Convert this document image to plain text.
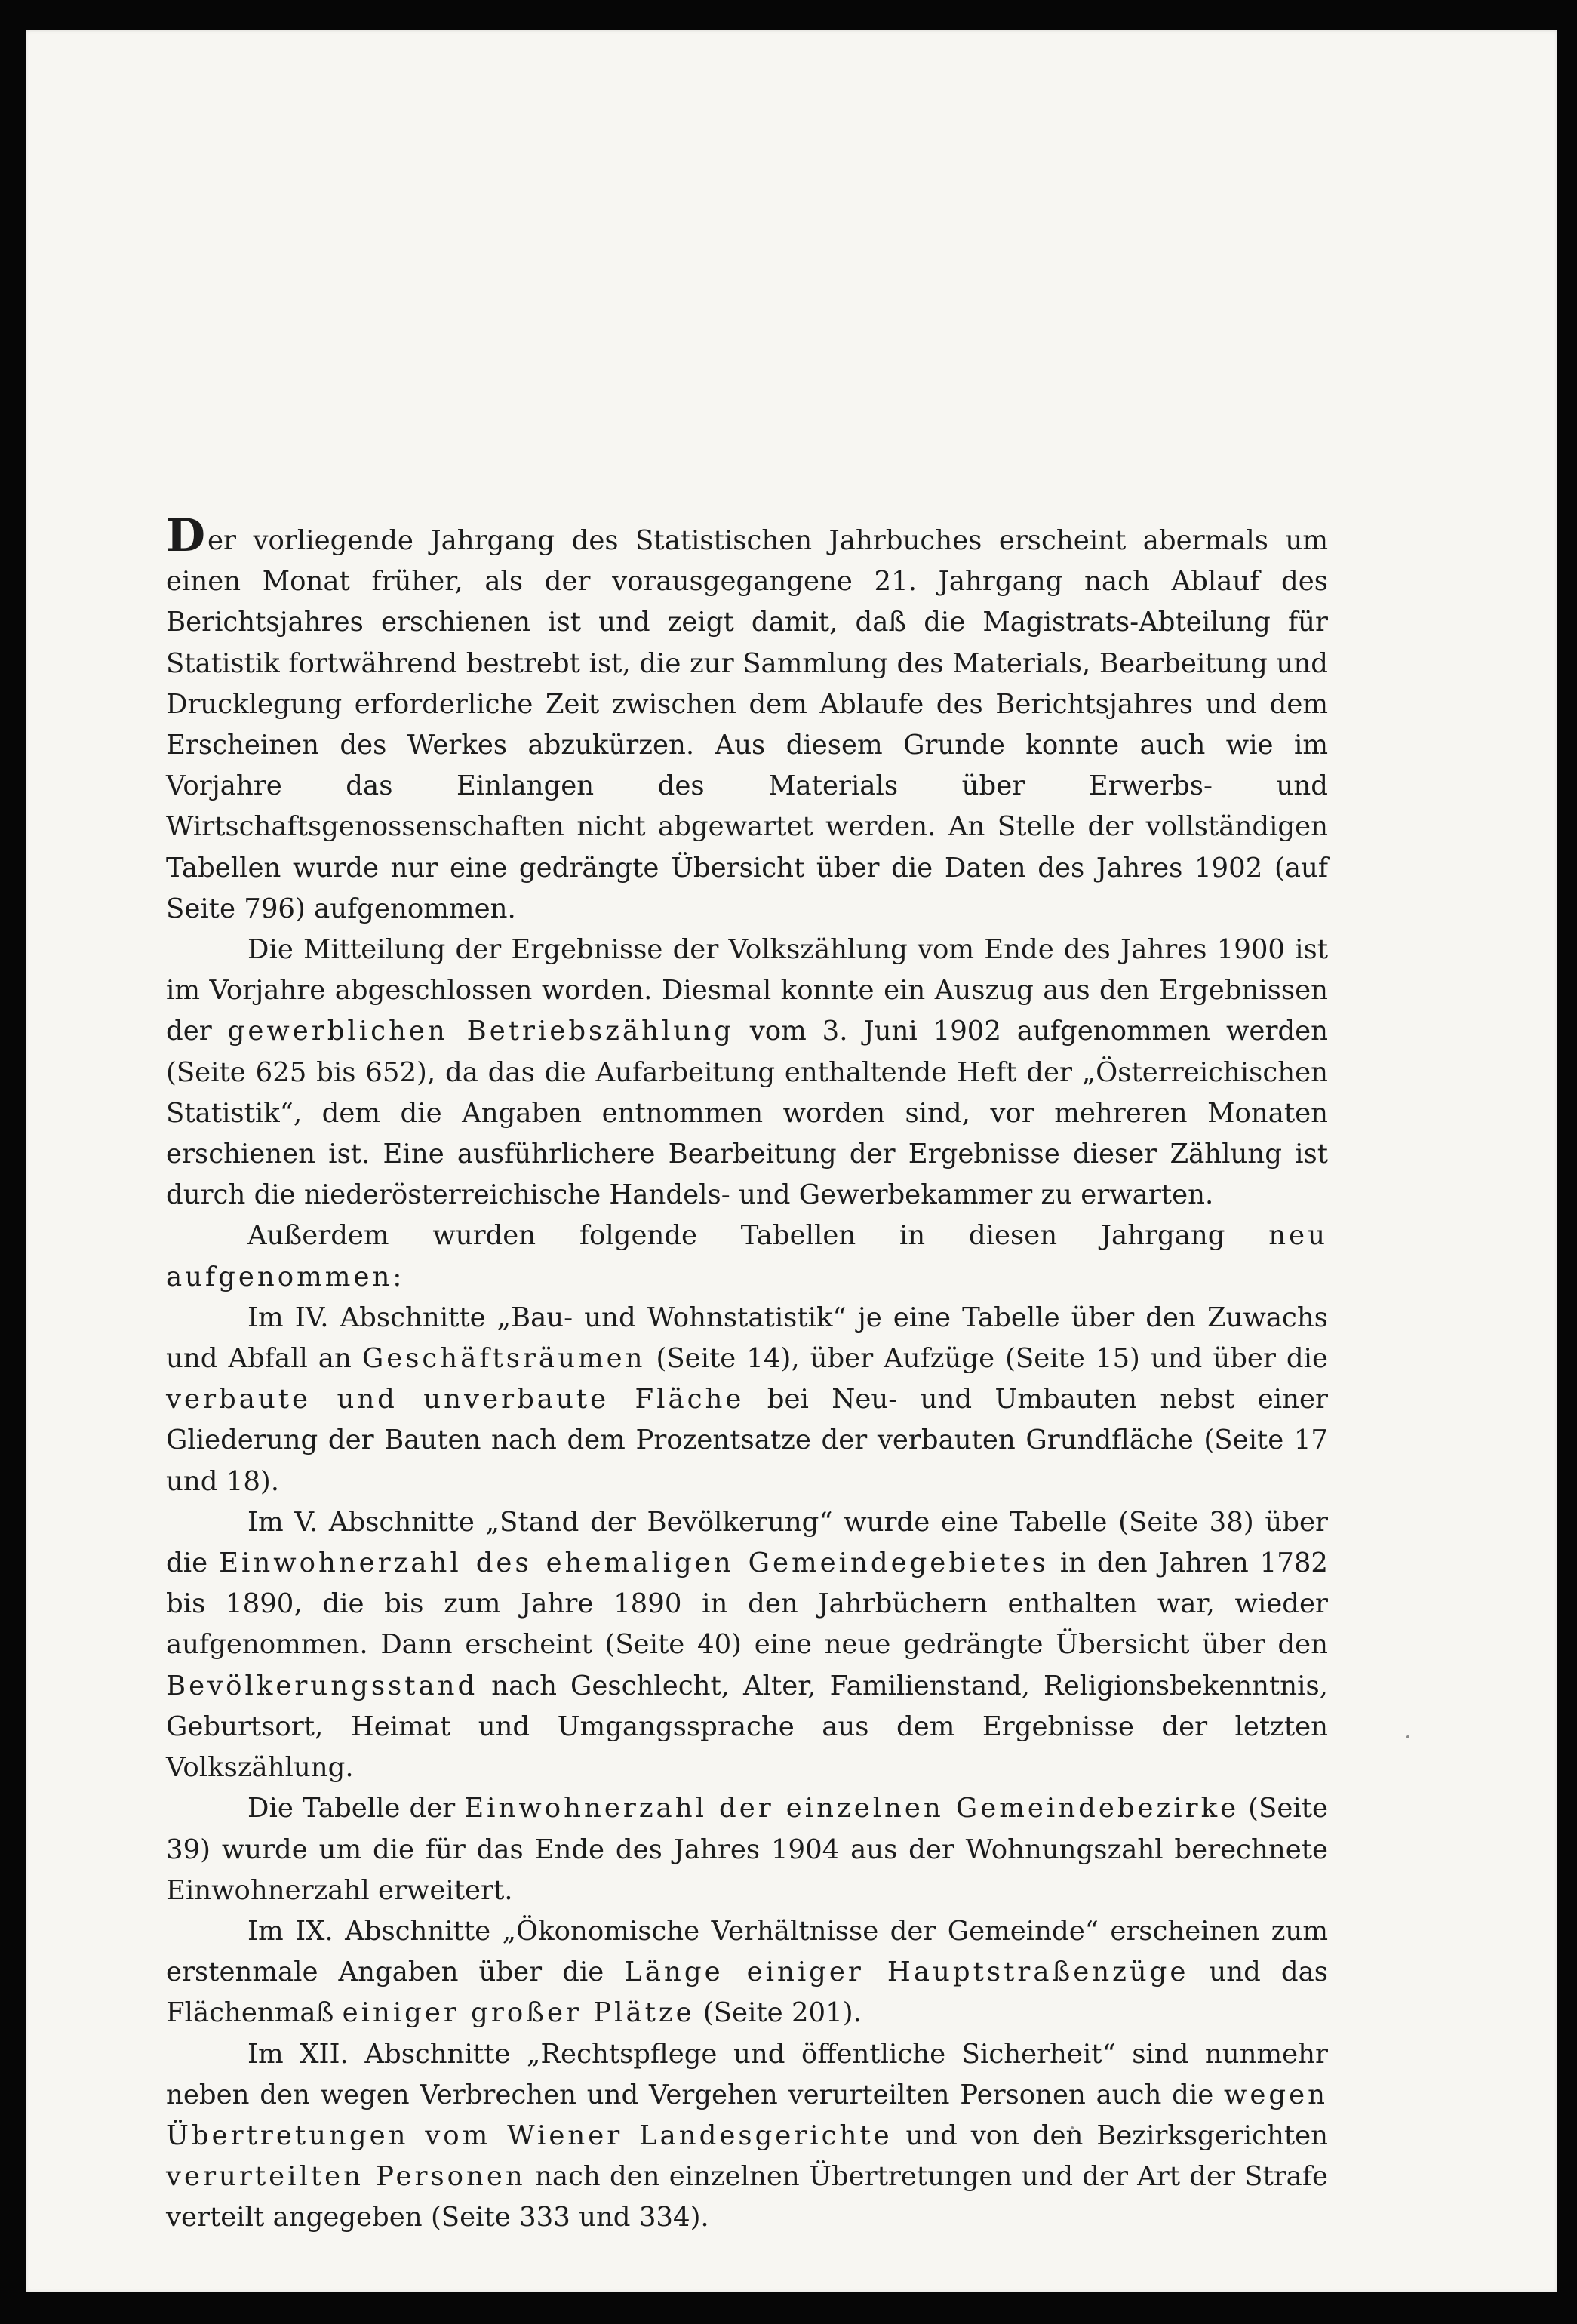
Der vorliegende Jahrgang des Statistischen Jahrbuches erscheint abermals um einen Monat früher, als der vorausgegangene 21. Jahrgang nach Ablauf des Berichtsjahres erschienen ist und zeigt damit, daß die Magistrats-Abteilung für Statistik fortwährend bestrebt ist, die zur Sammlung des Materials, Bearbeitung und Drucklegung erforderliche Zeit zwischen dem Ablaufe des Berichtsjahres und dem Erscheinen des Werkes abzukürzen. Aus diesem Grunde konnte auch wie im Vorjahre das Einlangen des Materials über Erwerbs- und Wirtschaftsgenossenschaften nicht abgewartet werden. An Stelle der vollständigen Tabellen wurde nur eine gedrängte Übersicht über die Daten des Jahres 1902 (auf Seite 796) aufgenommen.

Die Mitteilung der Ergebnisse der Volkszählung vom Ende des Jahres 1900 ist im Vorjahre abgeschlossen worden. Diesmal konnte ein Auszug aus den Ergebnissen der gewerblichen Betriebszählung vom 3. Juni 1902 aufgenommen werden (Seite 625 bis 652), da das die Aufarbeitung enthaltende Heft der „Österreichischen Statistik“, dem die Angaben entnommen worden sind, vor mehreren Monaten erschienen ist. Eine ausführlichere Bearbeitung der Ergebnisse dieser Zählung ist durch die niederösterreichische Handels- und Gewerbekammer zu erwarten.

Außerdem wurden folgende Tabellen in diesen Jahrgang neu aufgenommen:

Im IV. Abschnitte „Bau- und Wohnstatistik“ je eine Tabelle über den Zuwachs und Abfall an Geschäftsräumen (Seite 14), über Aufzüge (Seite 15) und über die verbaute und unverbaute Fläche bei Neu- und Umbauten nebst einer Gliederung der Bauten nach dem Prozentsatze der verbauten Grundfläche (Seite 17 und 18).

Im V. Abschnitte „Stand der Bevölkerung“ wurde eine Tabelle (Seite 38) über die Einwohnerzahl des ehemaligen Gemeindegebietes in den Jahren 1782 bis 1890, die bis zum Jahre 1890 in den Jahrbüchern enthalten war, wieder aufgenommen. Dann erscheint (Seite 40) eine neue gedrängte Übersicht über den Bevölkerungsstand nach Geschlecht, Alter, Familienstand, Religionsbekenntnis, Geburtsort, Heimat und Umgangssprache aus dem Ergebnisse der letzten Volkszählung.

Die Tabelle der Einwohnerzahl der einzelnen Gemeindebezirke (Seite 39) wurde um die für das Ende des Jahres 1904 aus der Wohnungszahl berechnete Einwohnerzahl erweitert.

Im IX. Abschnitte „Ökonomische Verhältnisse der Gemeinde“ erscheinen zum erstenmale Angaben über die Länge einiger Hauptstraßenzüge und das Flächenmaß einiger großer Plätze (Seite 201).

Im XII. Abschnitte „Rechtspflege und öffentliche Sicherheit“ sind nunmehr neben den wegen Verbrechen und Vergehen verurteilten Personen auch die wegen Übertretungen vom Wiener Landesgerichte und von den Bezirksgerichten verurteilten Personen nach den einzelnen Übertretungen und der Art der Strafe verteilt angegeben (Seite 333 und 334).
